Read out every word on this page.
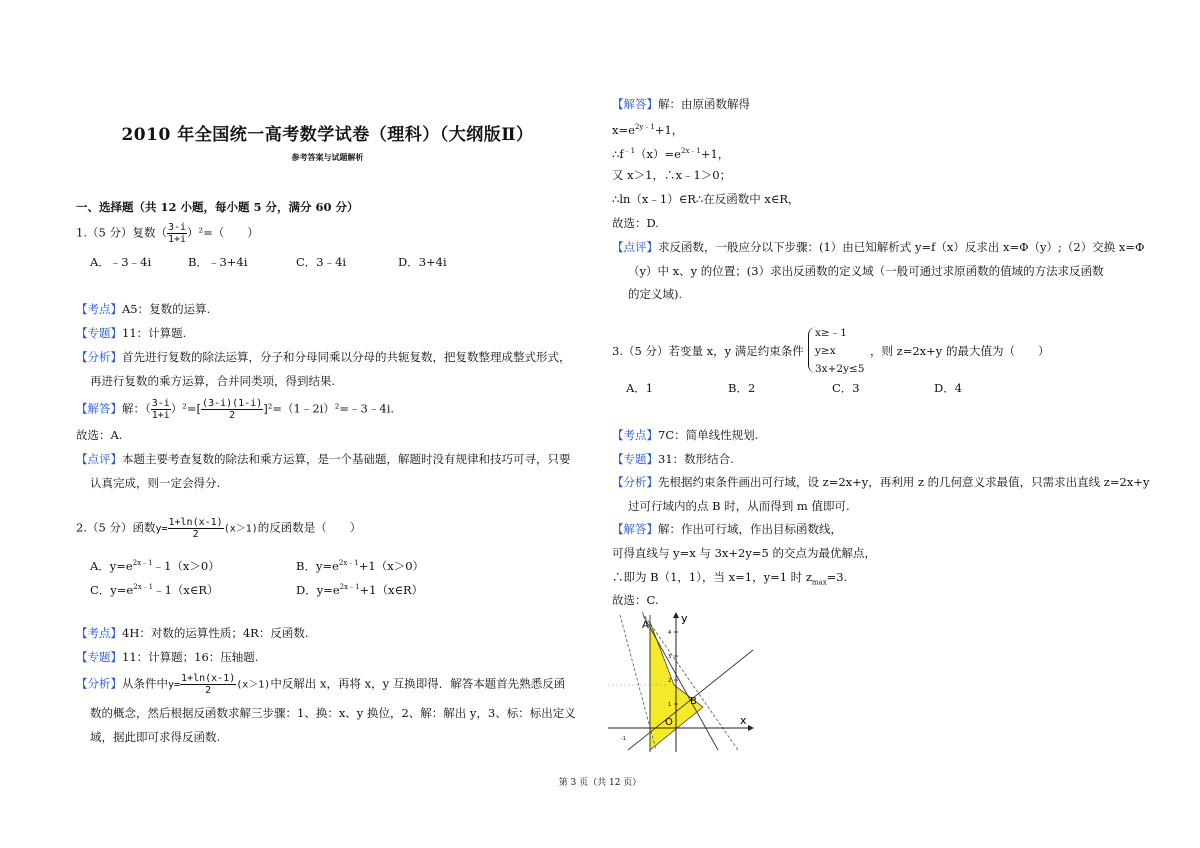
2010 年全国统一高考数学试卷（理科）（大纲版Ⅱ）
参考答案与试题解析
一、选择题（共 12 小题，每小题 5 分，满分 60 分）
1.（5 分）复数（ $\frac{3-i}{1+i} )^2=$（　　）
A．﹣3﹣4i	B．﹣3+4i	C．3﹣4i	D．3+4i
【考点】A5：复数的运算.
【专题】11：计算题.
【分析】首先进行复数的除法运算，分子和分母同乘以分母的共轭复数，把复数整理成整式形式，
再进行复数的乘方运算，合并同类项，得到结果.
【解答】解：（ $\frac{3-i}{1+i} )^2=[ \frac{(3-i)(1-i)}{2}$ ]²=（1﹣2i）²=﹣3﹣4i.
故选：A.
【点评】本题主要考查复数的除法和乘方运算，是一个基础题，解题时没有规律和技巧可寻，只要
认真完成，则一定会得分.
2.（5 分）函数$y= \frac{1+\ln(x-1)}{2} (x>1)$的反函数是（　　）
A．$y=e^{2x﹣1}﹣1(x>0)$	B．$y=e^{2x﹣1}+1(x>0)$
C．$y=e^{2x﹣1}﹣1(x\in R)$	D．$y=e^{2x﹣1}+1(x\in R)$
【考点】4H：对数的运算性质；4R：反函数.
【专题】11：计算题；16：压轴题.
【分析】从条件中$y= \frac{1+\ln(x-1)}{2} (x>1)$中反解出 x，再将 x，y 互换即得．解答本题首先熟悉反函
数的概念，然后根据反函数求解三步骤：1、换：x、y 换位，2、解：解出 y，3、标：标出定义
域，据此即可求得反函数.
【解答】解：由原函数解得
$x=e^{2y﹣1}+1$，
$\therefore f^{﹣1}(x)=e^{2x﹣1}+1$，
又 x＞1，∴x﹣1＞0；
∴ln（x﹣1）∈R∴在反函数中 x∈R，
故选：D.
【点评】求反函数，一般应分以下步骤：(1）由已知解析式 y=f（x）反求出 x=Φ（y）;（2）交换 x=Φ
（y）中 x、y 的位置；(3）求出反函数的定义域（一般可通过求原函数的值域的方法求反函数
的定义域).
3.（5 分）若变量 x，y 满足约束条件
x≥﹣1
y≥x
3x+2y≤5
，则 z=2x+y 的最大值为（　　）
A．1	B．2	C．3	D．4
【考点】7C：简单线性规划.
【专题】31：数形结合.
【分析】先根据约束条件画出可行域，设 z=2x+y，再利用 z 的几何意义求最值，只需求出直线 z=2x+y
过可行域内的点 B 时，从而得到 m 值即可.
【解答】解：作出可行域，作出目标函数线，
可得直线与 y=x 与 3x+2y=5 的交点为最优解点，
∴即为 B（1，1），当 x=1，y=1 时 $z_{max}=3$.
故选：C.
A
B
O	x
y
4
3
2
1
-1
第 3 页（共 12 页）
